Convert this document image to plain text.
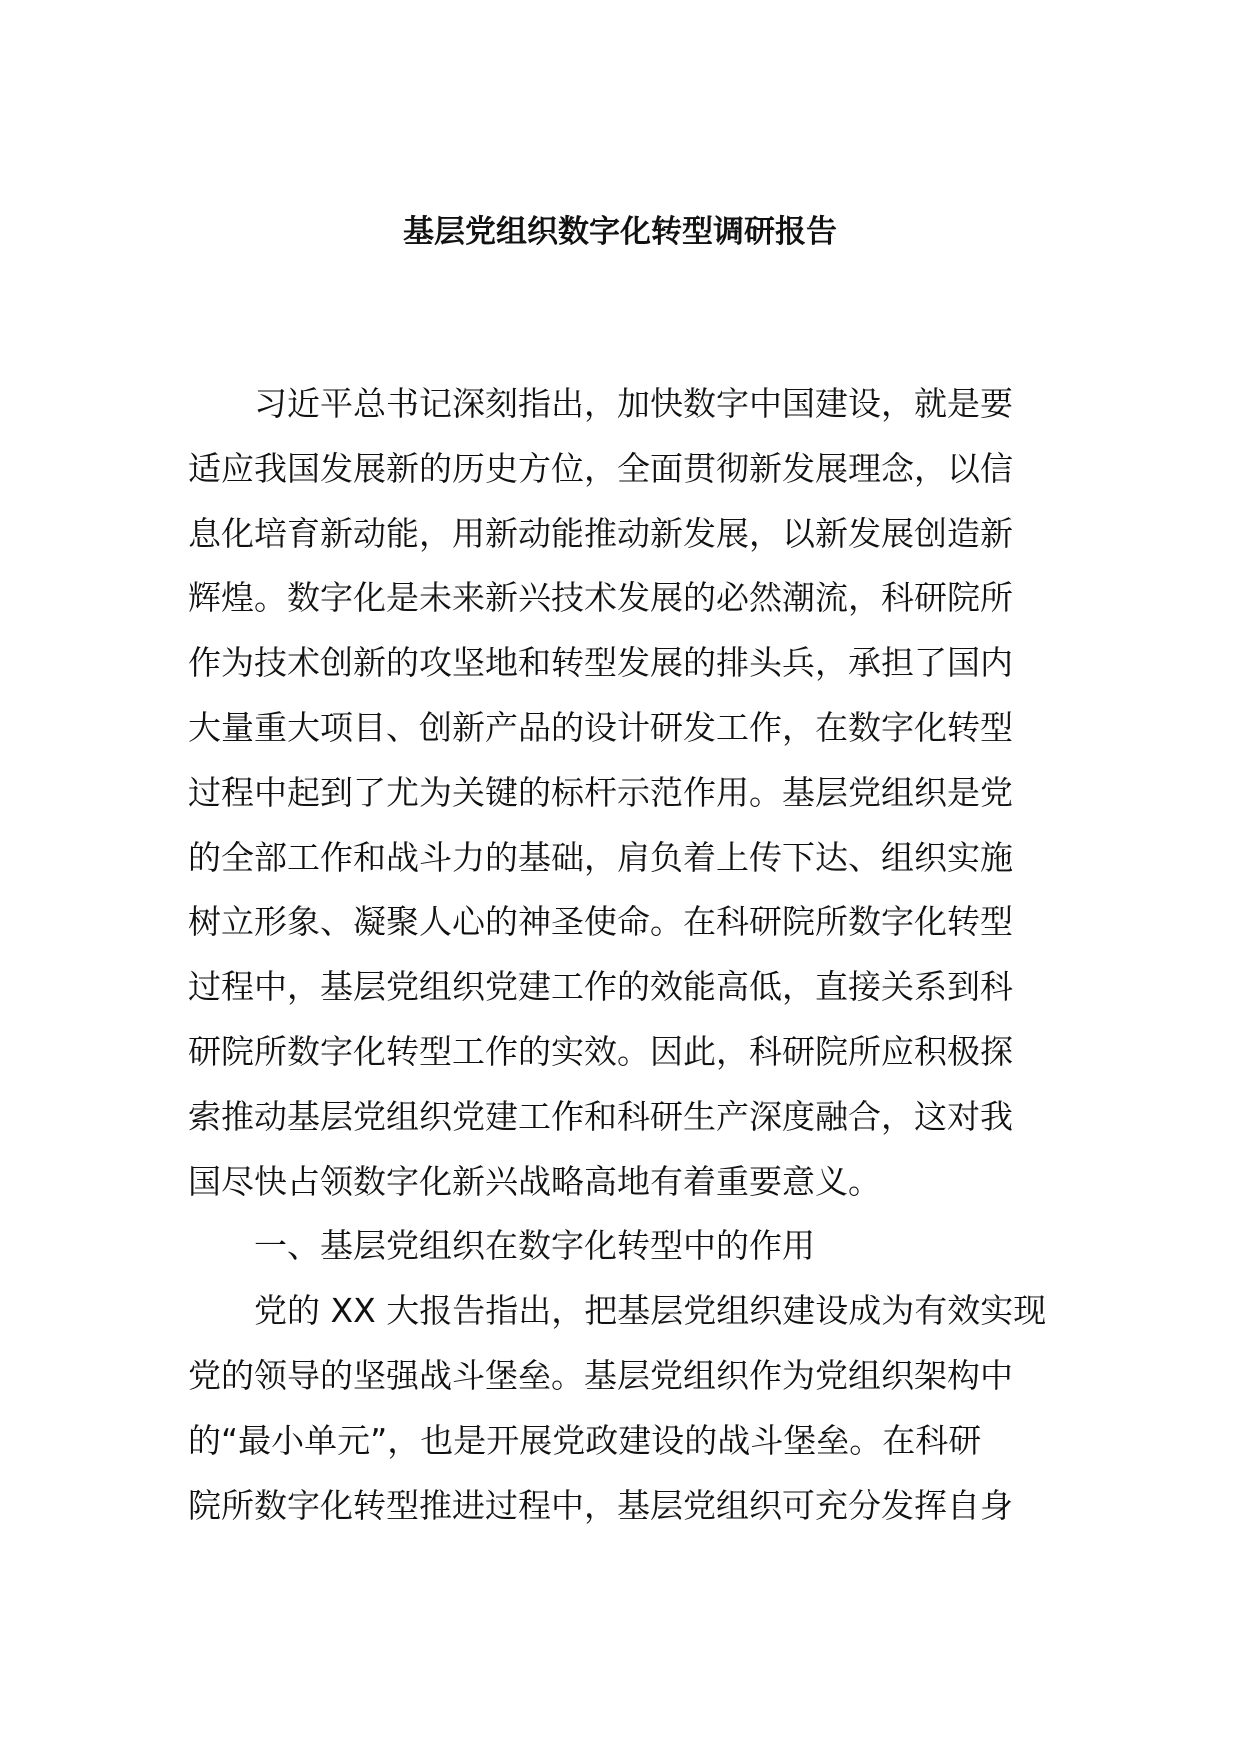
基层党组织数字化转型调研报告
习近平总书记深刻指出，加快数字中国建设，就是要
适应我国发展新的历史方位，全面贯彻新发展理念，以信
息化培育新动能，用新动能推动新发展，以新发展创造新
辉煌。数字化是未来新兴技术发展的必然潮流，科研院所
作为技术创新的攻坚地和转型发展的排头兵，承担了国内
大量重大项目、创新产品的设计研发工作，在数字化转型
过程中起到了尤为关键的标杆示范作用。基层党组织是党
的全部工作和战斗力的基础，肩负着上传下达、组织实施
树立形象、凝聚人心的神圣使命。在科研院所数字化转型
过程中，基层党组织党建工作的效能高低，直接关系到科
研院所数字化转型工作的实效。因此，科研院所应积极探
索推动基层党组织党建工作和科研生产深度融合，这对我
国尽快占领数字化新兴战略高地有着重要意义。
一、基层党组织在数字化转型中的作用
党的 XX 大报告指出，把基层党组织建设成为有效实现
党的领导的坚强战斗堡垒。基层党组织作为党组织架构中
的“最小单元”，也是开展党政建设的战斗堡垒。在科研
院所数字化转型推进过程中，基层党组织可充分发挥自身
